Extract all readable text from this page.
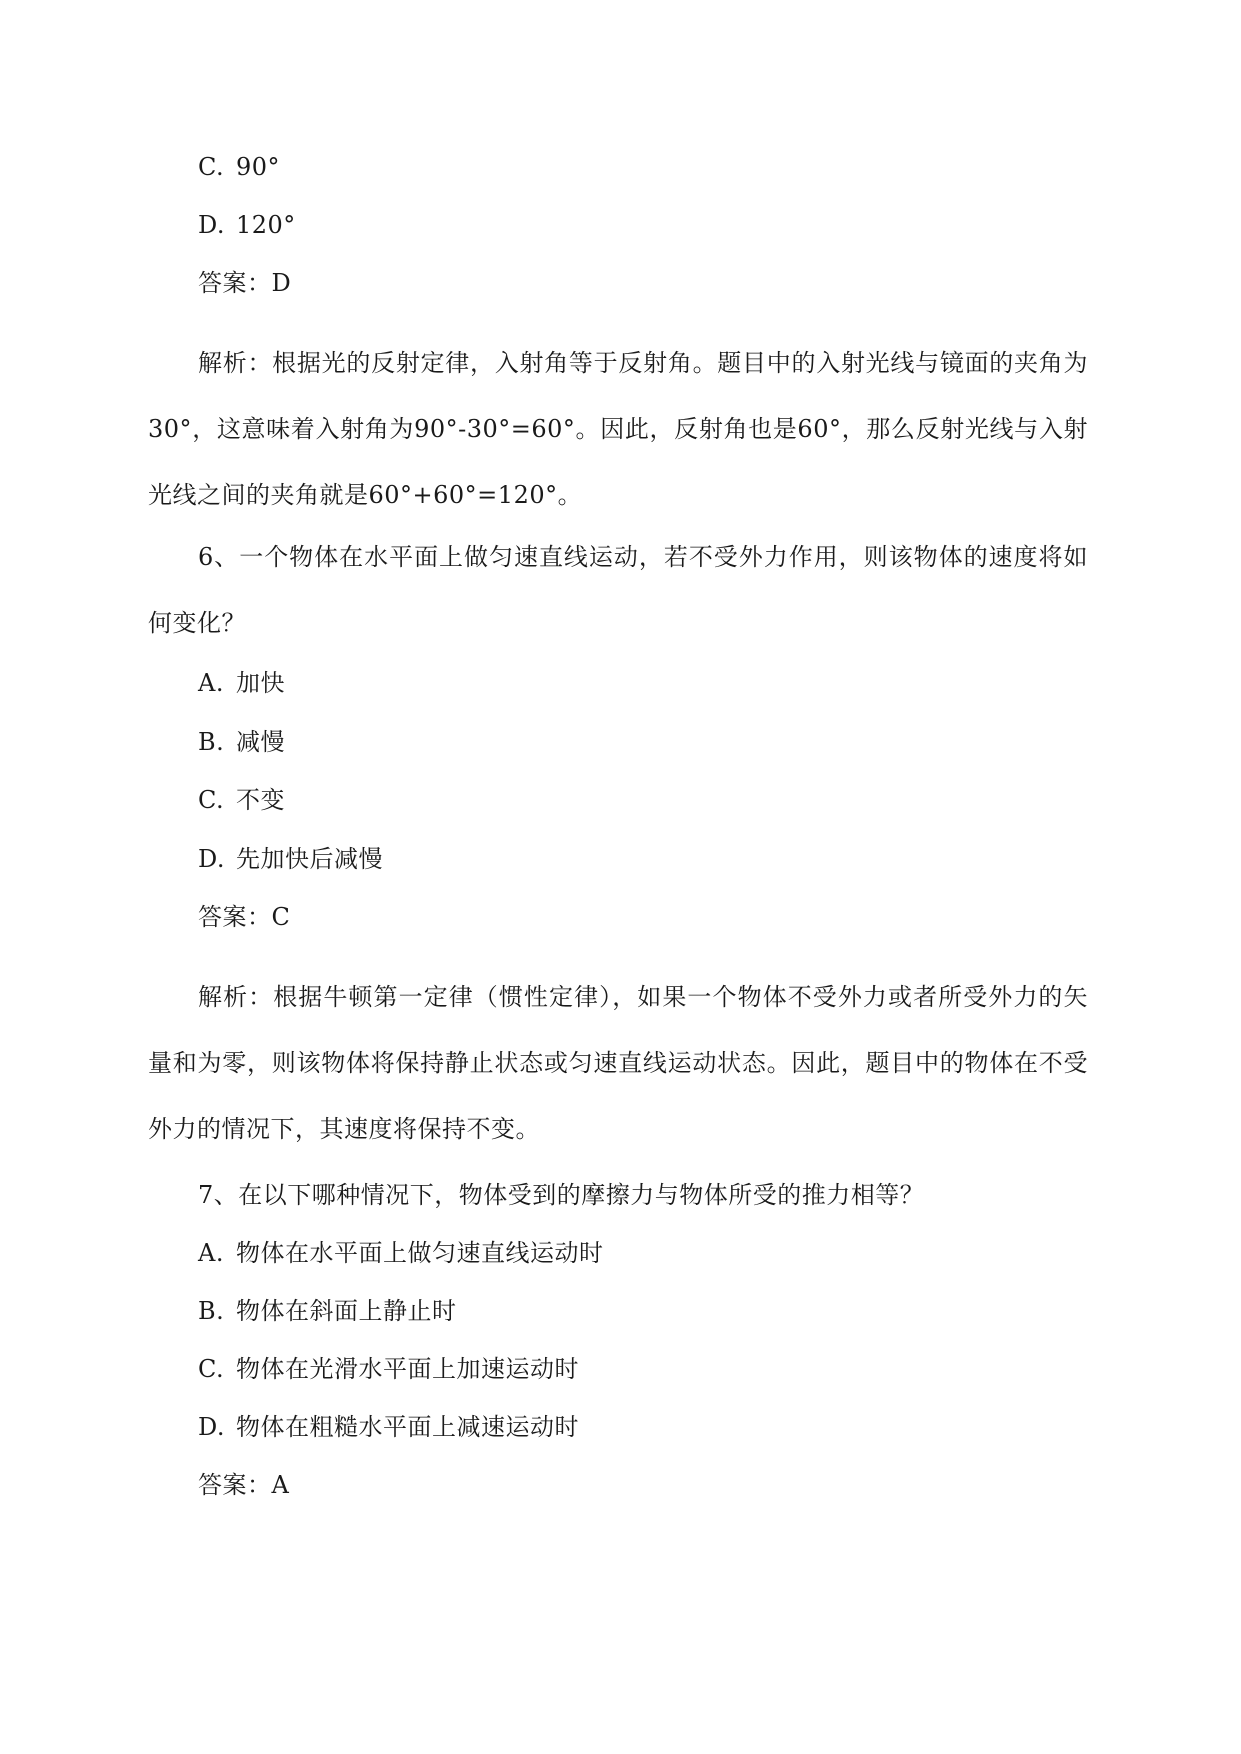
C. 90°
D. 120°
答案：D
解析：根据光的反射定律，入射角等于反射角。题目中的入射光线与镜面的夹角为30°，这意味着入射角为90°-30°=60°。因此，反射角也是60°，那么反射光线与入射光线之间的夹角就是60°+60°=120°。
6、一个物体在水平面上做匀速直线运动，若不受外力作用，则该物体的速度将如何变化？
A. 加快
B. 减慢
C. 不变
D. 先加快后减慢
答案：C
解析：根据牛顿第一定律（惯性定律），如果一个物体不受外力或者所受外力的矢量和为零，则该物体将保持静止状态或匀速直线运动状态。因此，题目中的物体在不受外力的情况下，其速度将保持不变。
7、在以下哪种情况下，物体受到的摩擦力与物体所受的推力相等？
A. 物体在水平面上做匀速直线运动时
B. 物体在斜面上静止时
C. 物体在光滑水平面上加速运动时
D. 物体在粗糙水平面上减速运动时
答案：A
